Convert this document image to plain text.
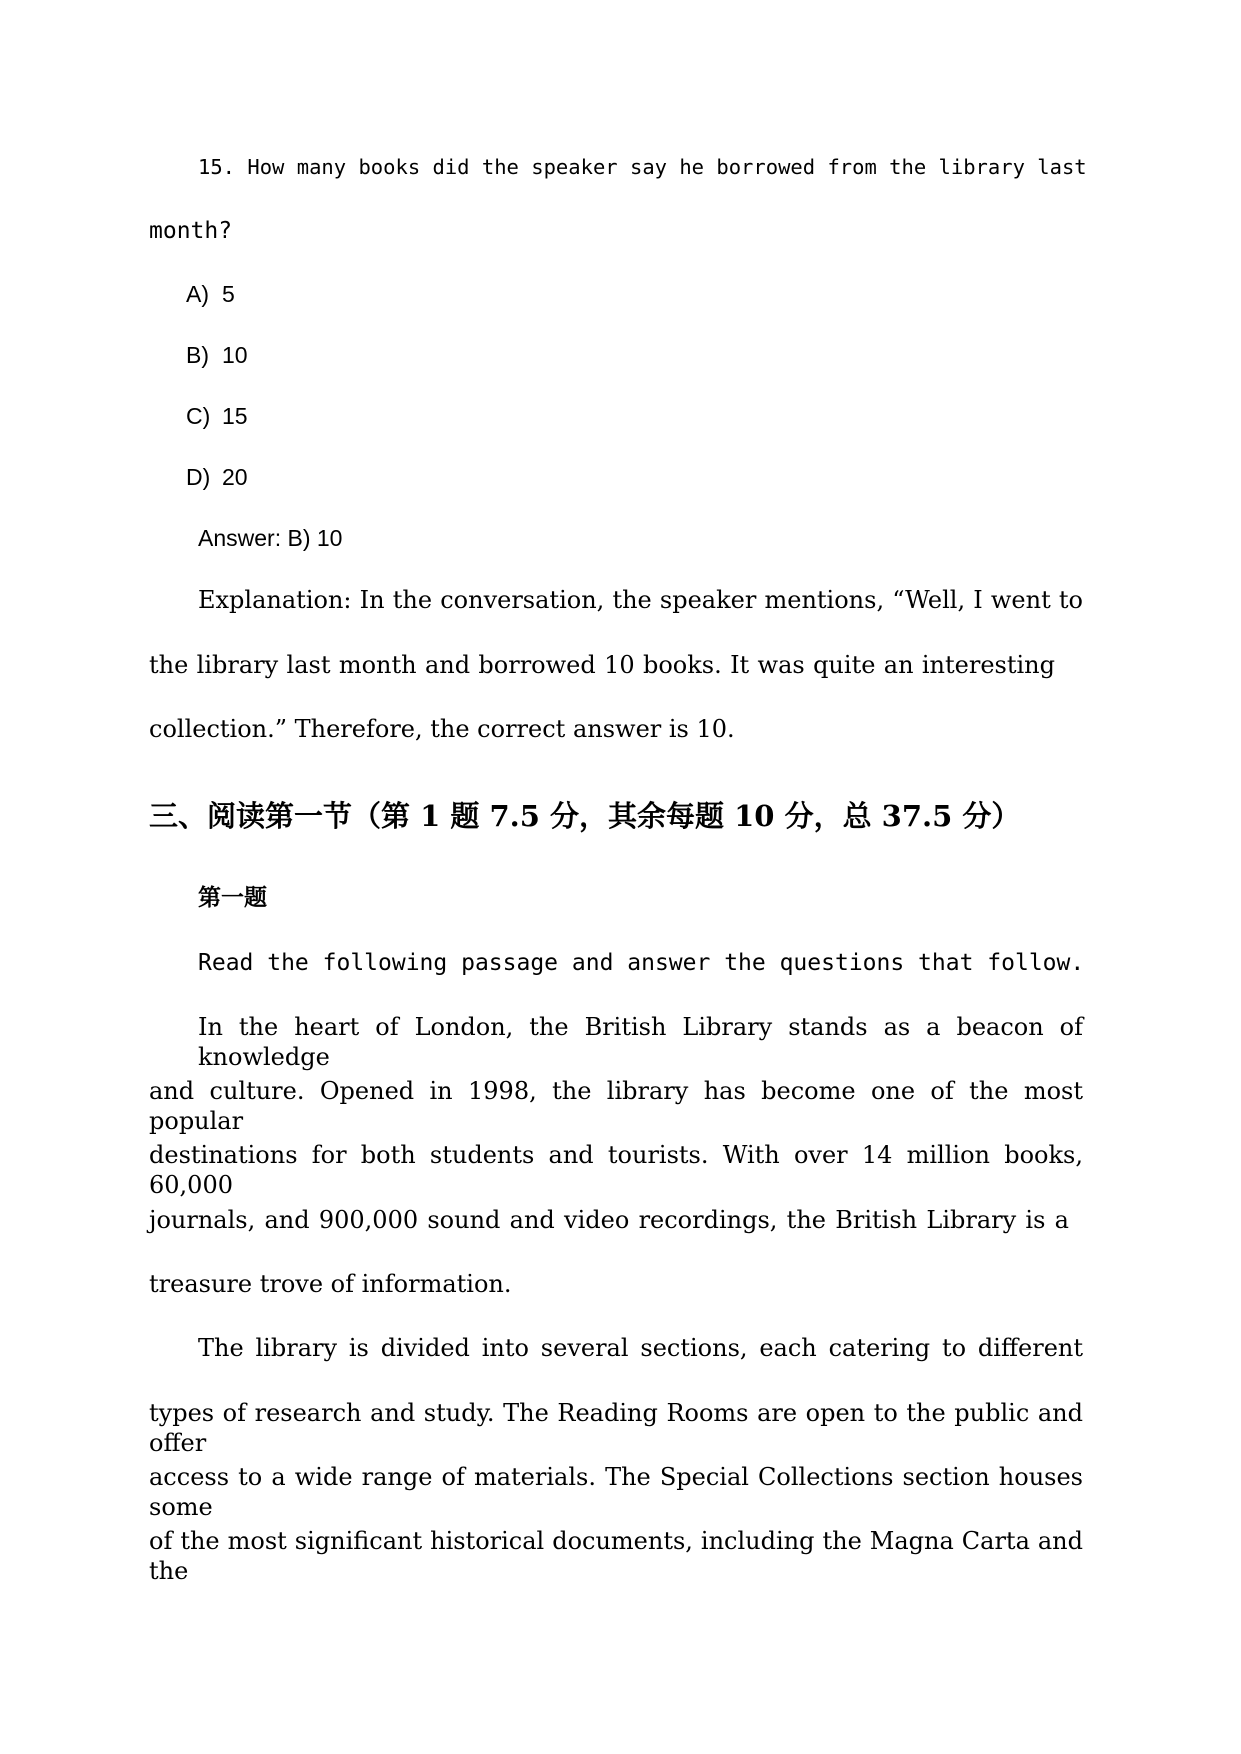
15. How many books did the speaker say he borrowed from the library last
month?
A) 5
B) 10
C) 15
D) 20
Answer: B) 10
Explanation: In the conversation, the speaker mentions, “Well, I went to
the library last month and borrowed 10 books. It was quite an interesting
collection.” Therefore, the correct answer is 10.
三、阅读第一节（第 1 题 7.5 分，其余每题 10 分，总 37.5 分）
第一题
Read the following passage and answer the questions that follow.
In the heart of London, the British Library stands as a beacon of knowledge
and culture. Opened in 1998, the library has become one of the most popular
destinations for both students and tourists. With over 14 million books, 60,000
journals, and 900,000 sound and video recordings, the British Library is a
treasure trove of information.
The library is divided into several sections, each catering to different
types of research and study. The Reading Rooms are open to the public and offer
access to a wide range of materials. The Special Collections section houses some
of the most significant historical documents, including the Magna Carta and the
